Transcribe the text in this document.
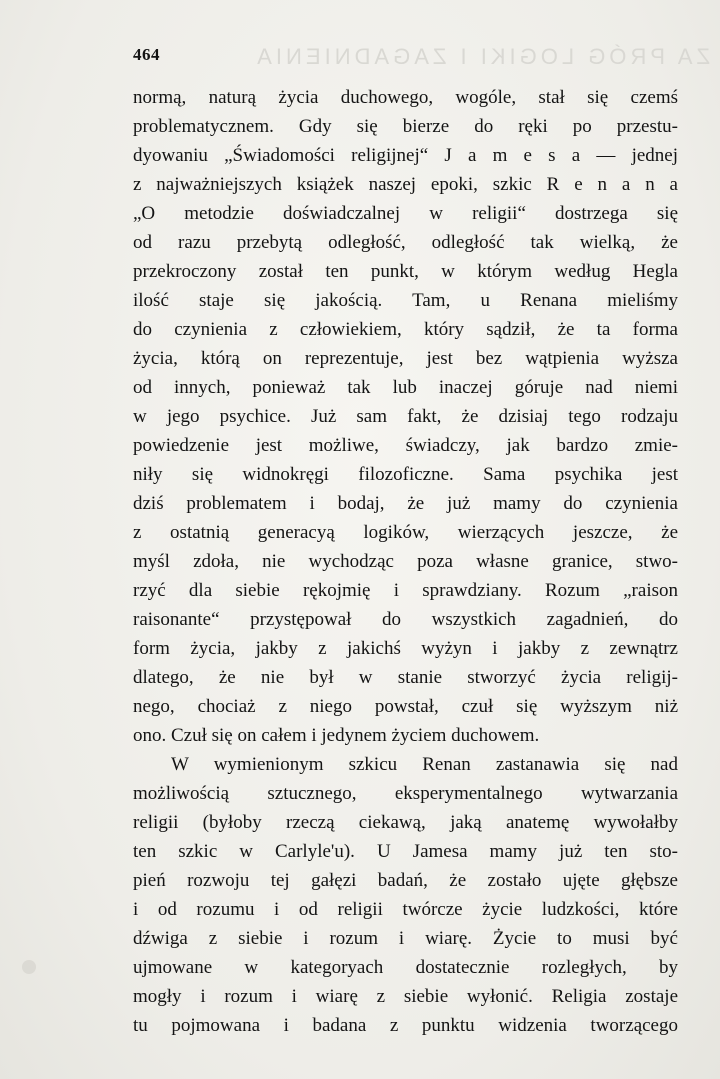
ZA PRÓG LOGIKI I ZAGADNIENIA
464
normą, naturą życia duchowego, wogóle, stał się czemś
problematycznem. Gdy się bierze do ręki po przestu-
dyowaniu „Świadomości religijnej“ J a m e s a — jednej
z najważniejszych książek naszej epoki, szkic R e n a n a
„O metodzie doświadczalnej w religii“ dostrzega się
od razu przebytą odległość, odległość tak wielką, że
przekroczony został ten punkt, w którym według Hegla
ilość staje się jakością. Tam, u Renana mieliśmy
do czynienia z człowiekiem, który sądził, że ta forma
życia, którą on reprezentuje, jest bez wątpienia wyższa
od innych, ponieważ tak lub inaczej góruje nad niemi
w jego psychice. Już sam fakt, że dzisiaj tego rodzaju
powiedzenie jest możliwe, świadczy, jak bardzo zmie-
niły się widnokręgi filozoficzne. Sama psychika jest
dziś problematem i bodaj, że już mamy do czynienia
z ostatnią generacyą logików, wierzących jeszcze, że
myśl zdoła, nie wychodząc poza własne granice, stwo-
rzyć dla siebie rękojmię i sprawdziany. Rozum „raison
raisonante“ przystępował do wszystkich zagadnień, do
form życia, jakby z jakichś wyżyn i jakby z zewnątrz
dlatego, że nie był w stanie stworzyć życia religij-
nego, chociaż z niego powstał, czuł się wyższym niż
ono. Czuł się on całem i jedynem życiem duchowem.
W wymienionym szkicu Renan zastanawia się nad
możliwością sztucznego, eksperymentalnego wytwarzania
religii (byłoby rzeczą ciekawą, jaką anatemę wywołałby
ten szkic w Carlyle'u). U Jamesa mamy już ten sto-
pień rozwoju tej gałęzi badań, że zostało ujęte głębsze
i od rozumu i od religii twórcze życie ludzkości, które
dźwiga z siebie i rozum i wiarę. Życie to musi być
ujmowane w kategoryach dostatecznie rozległych, by
mogły i rozum i wiarę z siebie wyłonić. Religia zostaje
tu pojmowana i badana z punktu widzenia tworzącego
